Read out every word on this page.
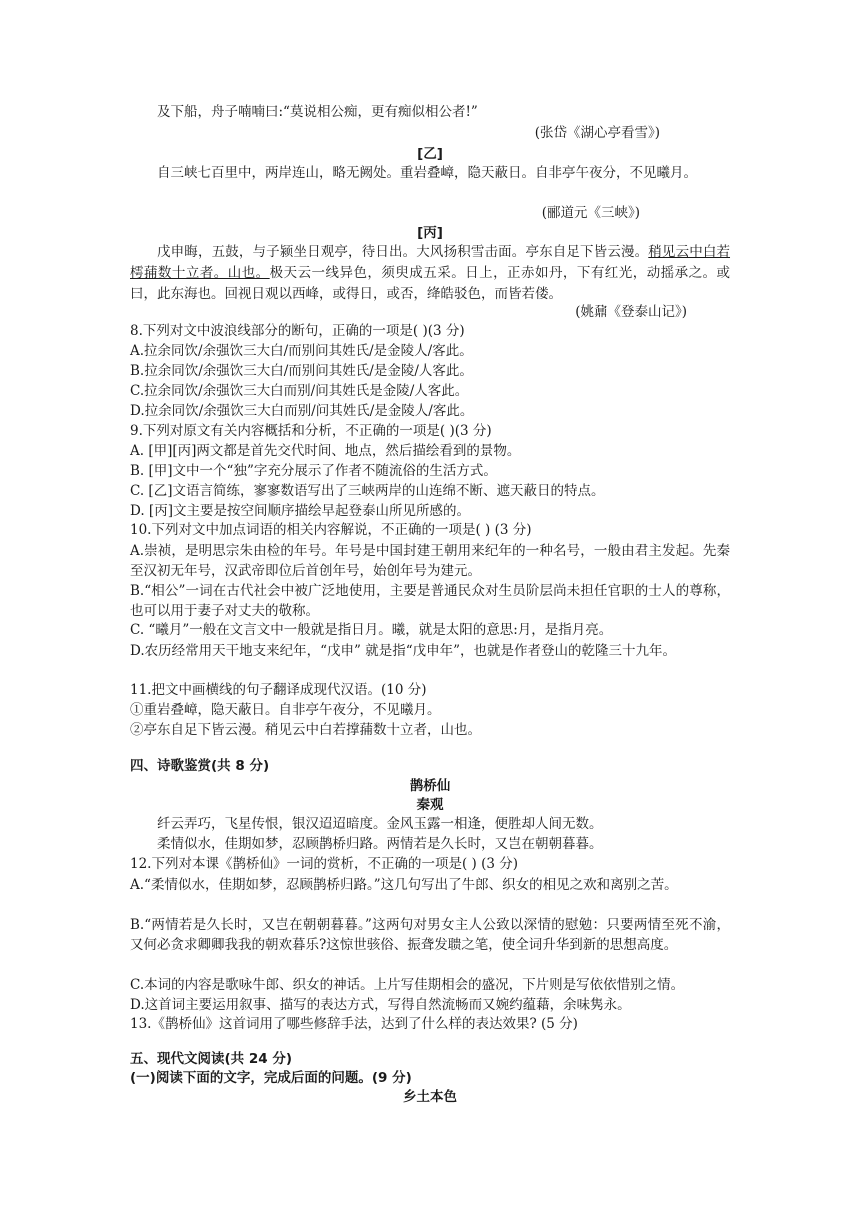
及下船，舟子喃喃曰:“莫说相公痴，更有痴似相公者!”
(张岱《湖心亭看雪》)
[乙]
自三峡七百里中，两岸连山，略无阙处。重岩叠嶂，隐天蔽日。自非亭午夜分，不见曦月。
(郦道元《三峡》)
[丙]
戊申晦，五鼓，与子颍坐日观亭，待日出。大风扬积雪击面。亭东自足下皆云漫。稍见云中白若樗蒱数十立者。山也。极天云一线异色，须臾成五采。日上，正赤如丹，下有红光，动摇承之。或曰，此东海也。回视日观以西峰，或得日，或否，绛皓驳色，而皆若偻。
(姚鼐《登泰山记》)
8.下列对文中波浪线部分的断句，正确的一项是( )(3 分)
A.拉余同饮/余强饮三大白/而别问其姓氏/是金陵人/客此。
B.拉余同饮/余强饮三大白/而别问其姓氏/是金陵/人客此。
C.拉余同饮/余强饮三大白而别/问其姓氏是金陵/人客此。
D.拉余同饮/余强饮三大白而别/问其姓氏/是金陵人/客此。
9.下列对原文有关内容概括和分析，不正确的一项是( )(3 分)
A. [甲][丙]两文都是首先交代时间、地点，然后描绘看到的景物。
B. [甲]文中一个“独”字充分展示了作者不随流俗的生活方式。
C. [乙]文语言简练，寥寥数语写出了三峡两岸的山连绵不断、遮天蔽日的特点。
D. [丙]文主要是按空间顺序描绘早起登泰山所见所感的。
10.下列对文中加点词语的相关内容解说，不正确的一项是( ) (3 分)
A.崇祯，是明思宗朱由检的年号。年号是中国封建王朝用来纪年的一种名号，一般由君主发起。先秦至汉初无年号，汉武帝即位后首创年号，始创年号为建元。
B.“相公”一词在古代社会中被广泛地使用，主要是普通民众对生员阶层尚未担任官职的士人的尊称，也可以用于妻子对丈夫的敬称。
C. “曦月”一般在文言文中一般就是指日月。曦，就是太阳的意思:月，是指月亮。
D.农历经常用天干地支来纪年，“戊申” 就是指“戊申年”，也就是作者登山的乾隆三十九年。
11.把文中画横线的句子翻译成现代汉语。(10 分)
①重岩叠嶂，隐天蔽日。自非亭午夜分，不见曦月。
②亭东自足下皆云漫。稍见云中白若撑蒱数十立者，山也。
四、诗歌鉴赏(共 8 分)
鹊桥仙
秦观
纤云弄巧，飞星传恨，银汉迢迢暗度。金风玉露一相逢，便胜却人间无数。
柔情似水，佳期如梦，忍顾鹊桥归路。两情若是久长时，又岂在朝朝暮暮。
12.下列对本课《鹊桥仙》一词的赏析，不正确的一项是( ) (3 分)
A.“柔情似水，佳期如梦，忍顾鹊桥归路。”这几句写出了牛郎、织女的相见之欢和离别之苦。
B.“两情若是久长时，又岂在朝朝暮暮。”这两句对男女主人公致以深情的慰勉：只要两情至死不渝，又何必贪求卿卿我我的朝欢暮乐?这惊世骇俗、振聋发聩之笔，使全词升华到新的思想高度。
C.本词的内容是歌咏牛郎、织女的神话。上片写佳期相会的盛况，下片则是写依依惜别之情。
D.这首词主要运用叙事、描写的表达方式，写得自然流畅而又婉约蕴藉，余味隽永。
13.《鹊桥仙》这首词用了哪些修辞手法，达到了什么样的表达效果? (5 分)
五、现代文阅读(共 24 分)
(一)阅读下面的文字，完成后面的问题。(9 分)
乡土本色
